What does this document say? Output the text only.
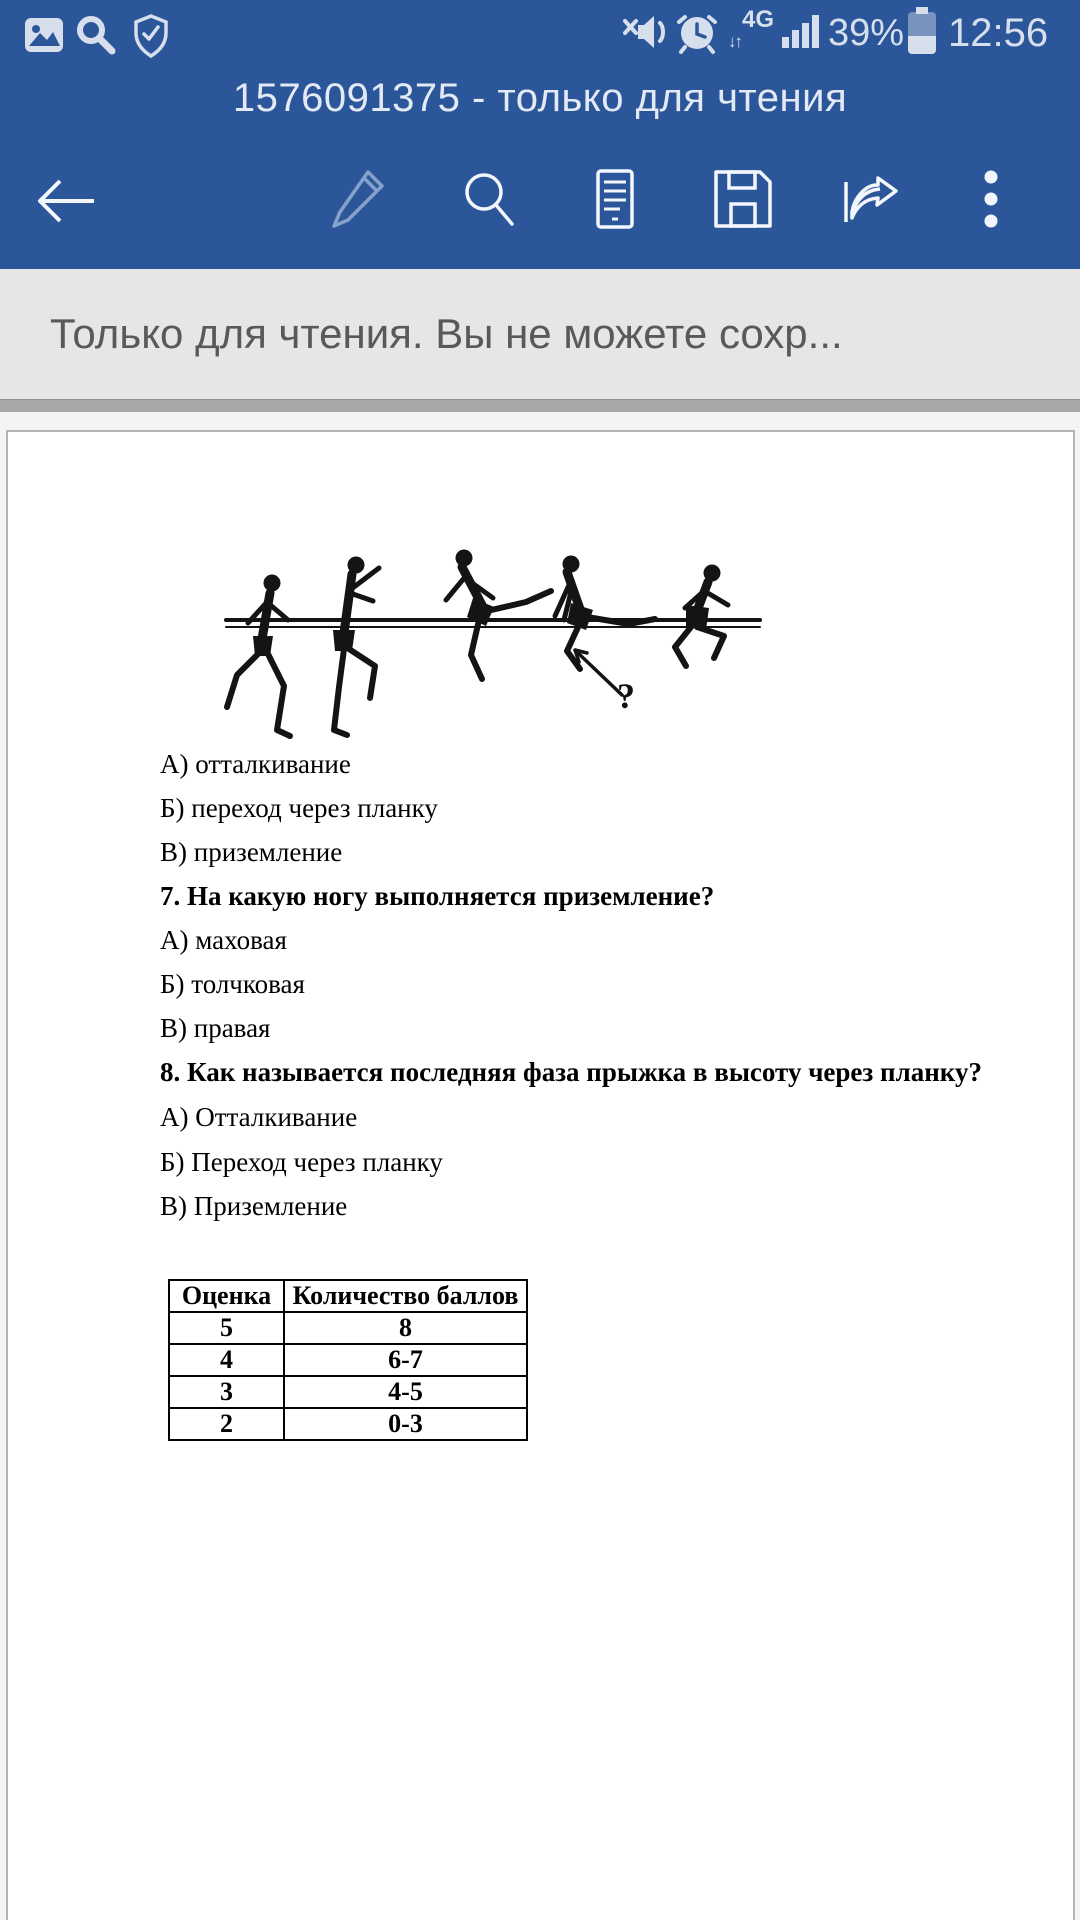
4G
↓↑	39% 12:56
1576091375 - только для чтения
Только для чтения. Вы не можете сохр...
?
А) отталкивание
Б) переход через планку
В) приземление
7. На какую ногу выполняется приземление?
А) маховая
Б) толчковая
В) правая
8. Как называется последняя фаза прыжка в высоту через планку?
А) Отталкивание
Б) Переход через планку
В) Приземление
Оценка	Количество баллов
5	8
4	6-7
3	4-5
2	0-3
